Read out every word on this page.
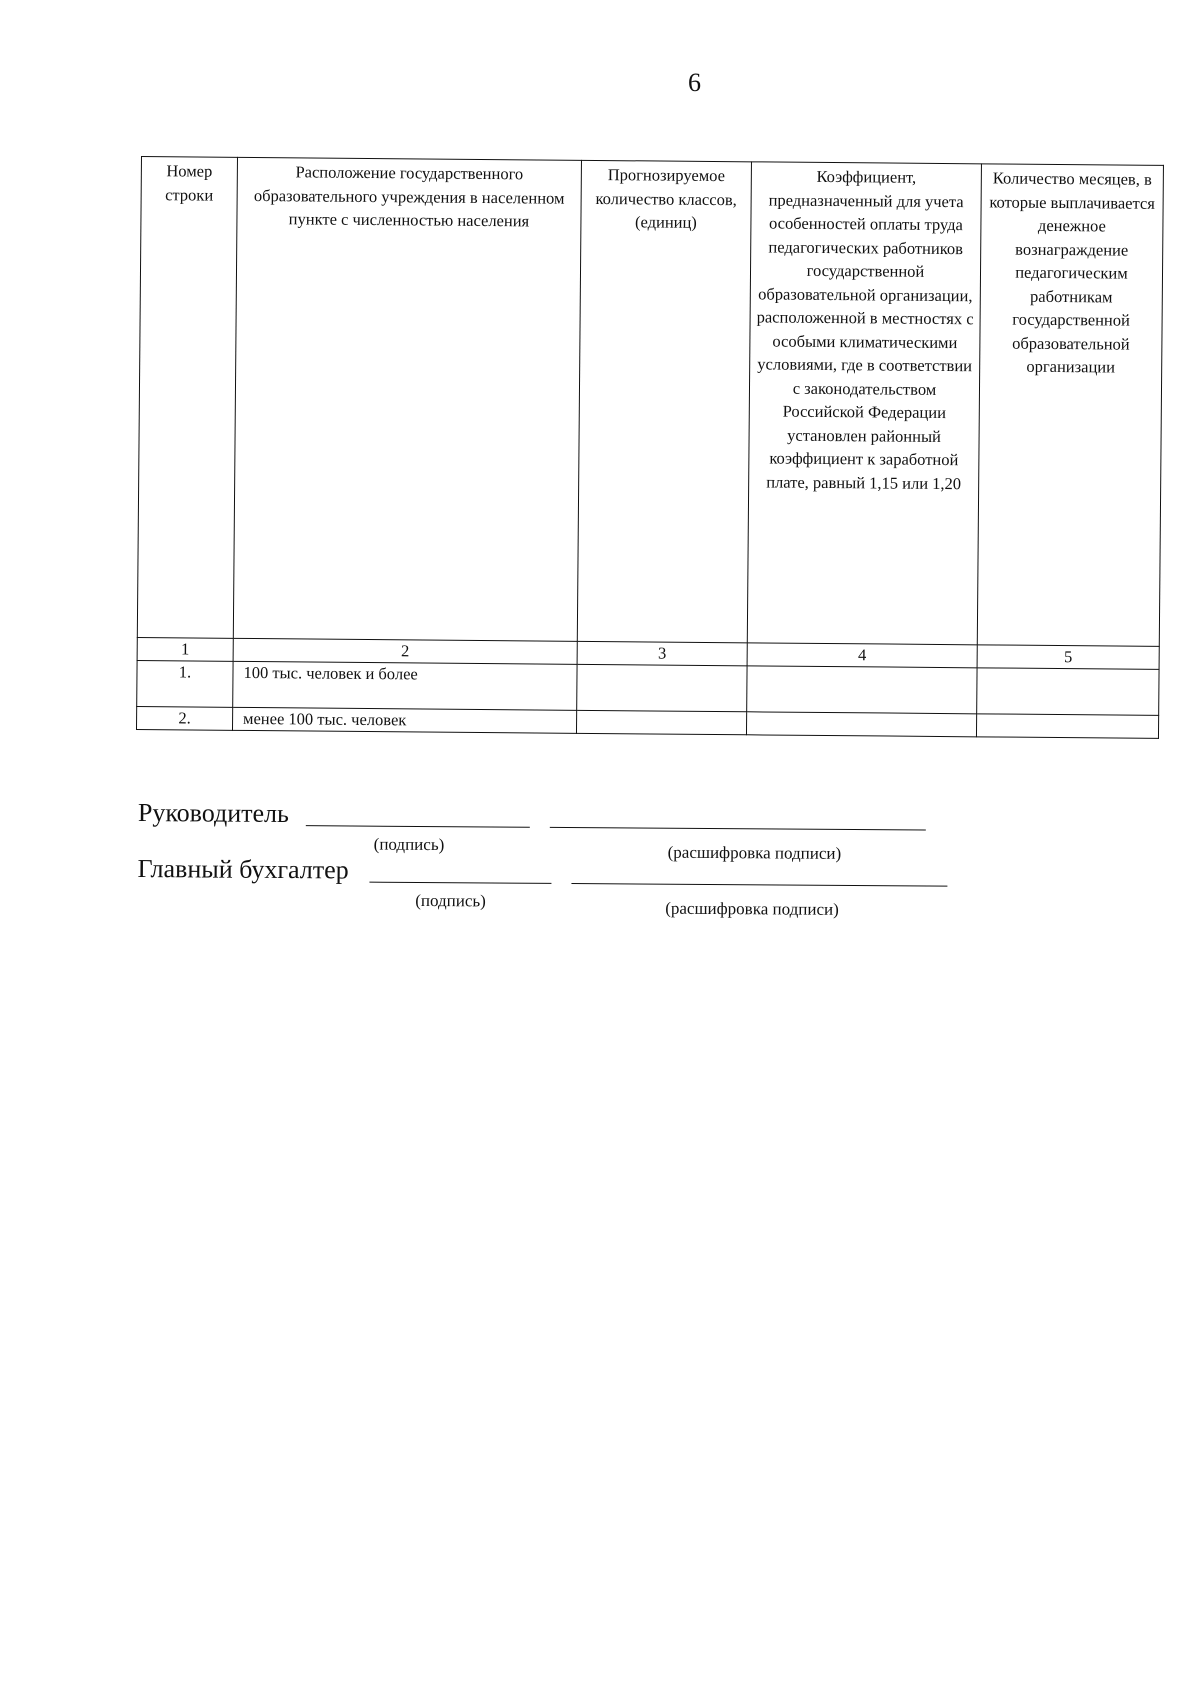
6
Номер строки	Расположение государственного образовательного учреждения в населенном пункте с численностью населения	Прогнозируемое количество классов, (единиц)	Коэффициент, предназначенный для учета особенностей оплаты труда педагогических работников государственной образовательной организации, расположенной в местностях с особыми климатическими условиями, где в соответствии с законодательством Российской Федерации установлен районный коэффициент к заработной плате, равный 1,15 или 1,20	Количество месяцев, в которые выплачивается денежное вознаграждение педагогическим работникам государственной образовательной организации
1	2	3	4	5
1.	100 тыс. человек и более			
2.	менее 100 тыс. человек			
Руководитель
(подпись)	(расшифровка подписи)
Главный бухгалтер
(подпись)	(расшифровка подписи)
